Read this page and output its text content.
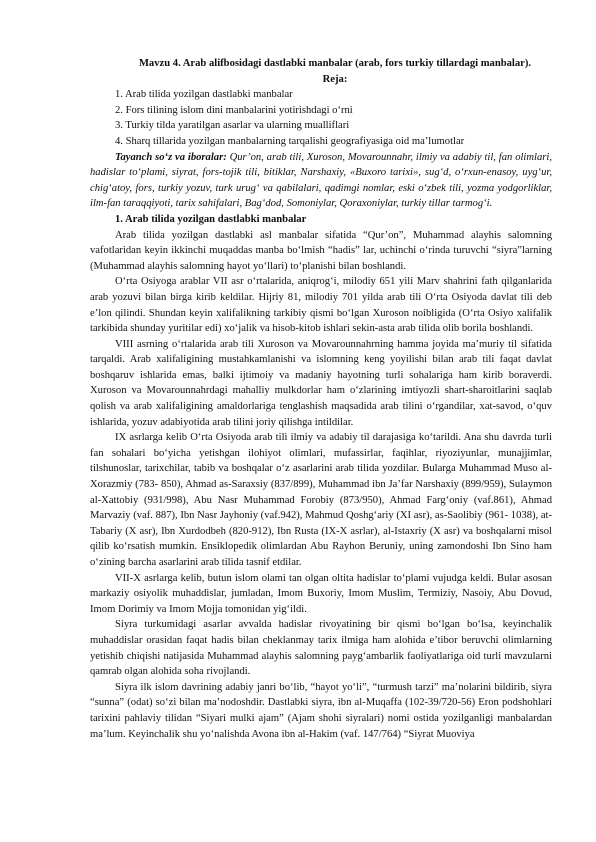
Mavzu 4. Arab alifbosidagi dastlabki manbalar (arab, fors turkiy tillardagi manbalar).
Reja:
1. Arab tilida yozilgan dastlabki manbalar
2. Fors tilining islom dini manbalarini yotirishdagi o‘rni
3. Turkiy tilda yaratilgan asarlar va ularning mualliflari
4. Sharq tillarida yozilgan manbalarning tarqalishi geografiyasiga oid ma’lumotlar

Tayanch so‘z va iboralar: Qur’on, arab tili, Xuroson, Movarounnahr, ilmiy va adabiy til, fan olimlari, hadislar to‘plami, siyrat, fors-tojik tili, bitiklar, Narshaxiy, «Buxoro tarixi», sug‘d, o‘rxun-enasoy, uyg‘ur, chig‘atoy, fors, turkiy yozuv, turk urug‘ va qabilalari, qadimgi nomlar, eski o‘zbek tili, yozma yodgorliklar, ilm-fan taraqqiyoti, tarix sahifalari, Bag‘dod, Somoniylar, Qoraxoniylar, turkiy tillar tarmog‘i.

1. Arab tilida yozilgan dastlabki manbalar

Arab tilida yozilgan dastlabki asl manbalar sifatida “Qur’on”, Muhammad alayhis salomning vafotlaridan keyin ikkinchi muqaddas manba bo‘lmish “hadis” lar, uchinchi o‘rinda turuvchi “siyra”larning (Muhammad alayhis salomning hayot yo‘llari) to‘planishi bilan boshlandi.

O‘rta Osiyoga arablar VII asr o‘rtalarida, aniqrog‘i, milodiy 651 yili Marv shahrini fath qilganlarida arab yozuvi bilan birga kirib keldilar. Hijriy 81, milodiy 701 yilda arab tili O‘rta Osiyoda davlat tili deb e’lon qilindi. Shundan keyin xalifalikning tarkibiy qismi bo‘lgan Xuroson noibligida (O‘rta Osiyo xalifalik tarkibida shunday yuritilar edi) xo‘jalik va hisob-kitob ishlari sekin-asta arab tilida olib borila boshlandi.

VIII asrning o‘rtalarida arab tili Xuroson va Movarounnahrning hamma joyida ma’muriy til sifatida tarqaldi. Arab xalifaligining mustahkamlanishi va islomning keng yoyilishi bilan arab tili faqat davlat boshqaruv ishlarida emas, balki ijtimoiy va madaniy hayotning turli sohalariga ham kirib boraverdi. Xuroson va Movarounnahrdagi mahalliy mulkdorlar ham o‘zlarining imtiyozli shart-sharoitlarini saqlab qolish va arab xalifaligining amaldorlariga tenglashish maqsadida arab tilini o‘rgandilar, xat-savod, o‘quv ishlarida, yozuv adabiyotida arab tilini joriy qilishga intildilar.

IX asrlarga kelib O‘rta Osiyoda arab tili ilmiy va adabiy til darajasiga ko‘tarildi. Ana shu davrda turli fan sohalari bo‘yicha yetishgan ilohiyot olimlari, mufassirlar, faqihlar, riyoziyunlar, munajjimlar, tilshunoslar, tarixchilar, tabib va boshqalar o‘z asarlarini arab tilida yozdilar. Bularga Muhammad Muso al-Xorazmiy (783- 850), Ahmad as-Saraxsiy (837/899), Muhammad ibn Ja’far Narshaxiy (899/959), Sulaymon al-Xattobiy (931/998), Abu Nasr Muhammad Forobiy (873/950), Ahmad Farg‘oniy (vaf.861), Ahmad Marvaziy (vaf. 887), Ibn Nasr Jayhoniy (vaf.942), Mahmud Qoshg‘ariy (XI asr), as-Saolibiy (961- 1038), at-Tabariy (X asr), Ibn Xurdodbeh (820-912), Ibn Rusta (IX-X asrlar), al-Istaxriy (X asr) va boshqalarni misol qilib ko‘rsatish mumkin. Ensiklopedik olimlardan Abu Rayhon Beruniy, uning zamondoshi Ibn Sino ham o‘zining barcha asarlarini arab tilida tasnif etdilar.

VII-X asrlarga kelib, butun islom olami tan olgan oltita hadislar to‘plami vujudga keldi. Bular asosan markaziy osiyolik muhaddislar, jumladan, Imom Buxoriy, Imom Muslim, Termiziy, Nasoiy, Abu Dovud, Imom Dorimiy va Imom Mojja tomonidan yig‘ildi.

Siyra turkumidagi asarlar avvalda hadislar rivoyatining bir qismi bo‘lgan bo‘lsa, keyinchalik muhaddislar orasidan faqat hadis bilan cheklanmay tarix ilmiga ham alohida e’tibor beruvchi olimlarning yetishib chiqishi natijasida Muhammad alayhis salomning payg‘ambarlik faoliyatlariga oid turli mavzularni qamrab olgan alohida soha rivojlandi.

Siyra ilk islom davrining adabiy janri bo‘lib, “hayot yo‘li”, “turmush tarzi” ma’nolarini bildirib, siyra “sunna” (odat) so‘zi bilan ma’nodoshdir. Dastlabki siyra, ibn al-Muqaffa (102-39/720-56) Eron podshohlari tarixini pahlaviy tilidan “Siyari mulki ajam” (Ajam shohi siyralari) nomi ostida yozilganligi manbalardan ma’lum. Keyinchalik shu yo‘nalishda Avona ibn al-Hakim (vaf. 147/764) “Siyrat Muoviya
